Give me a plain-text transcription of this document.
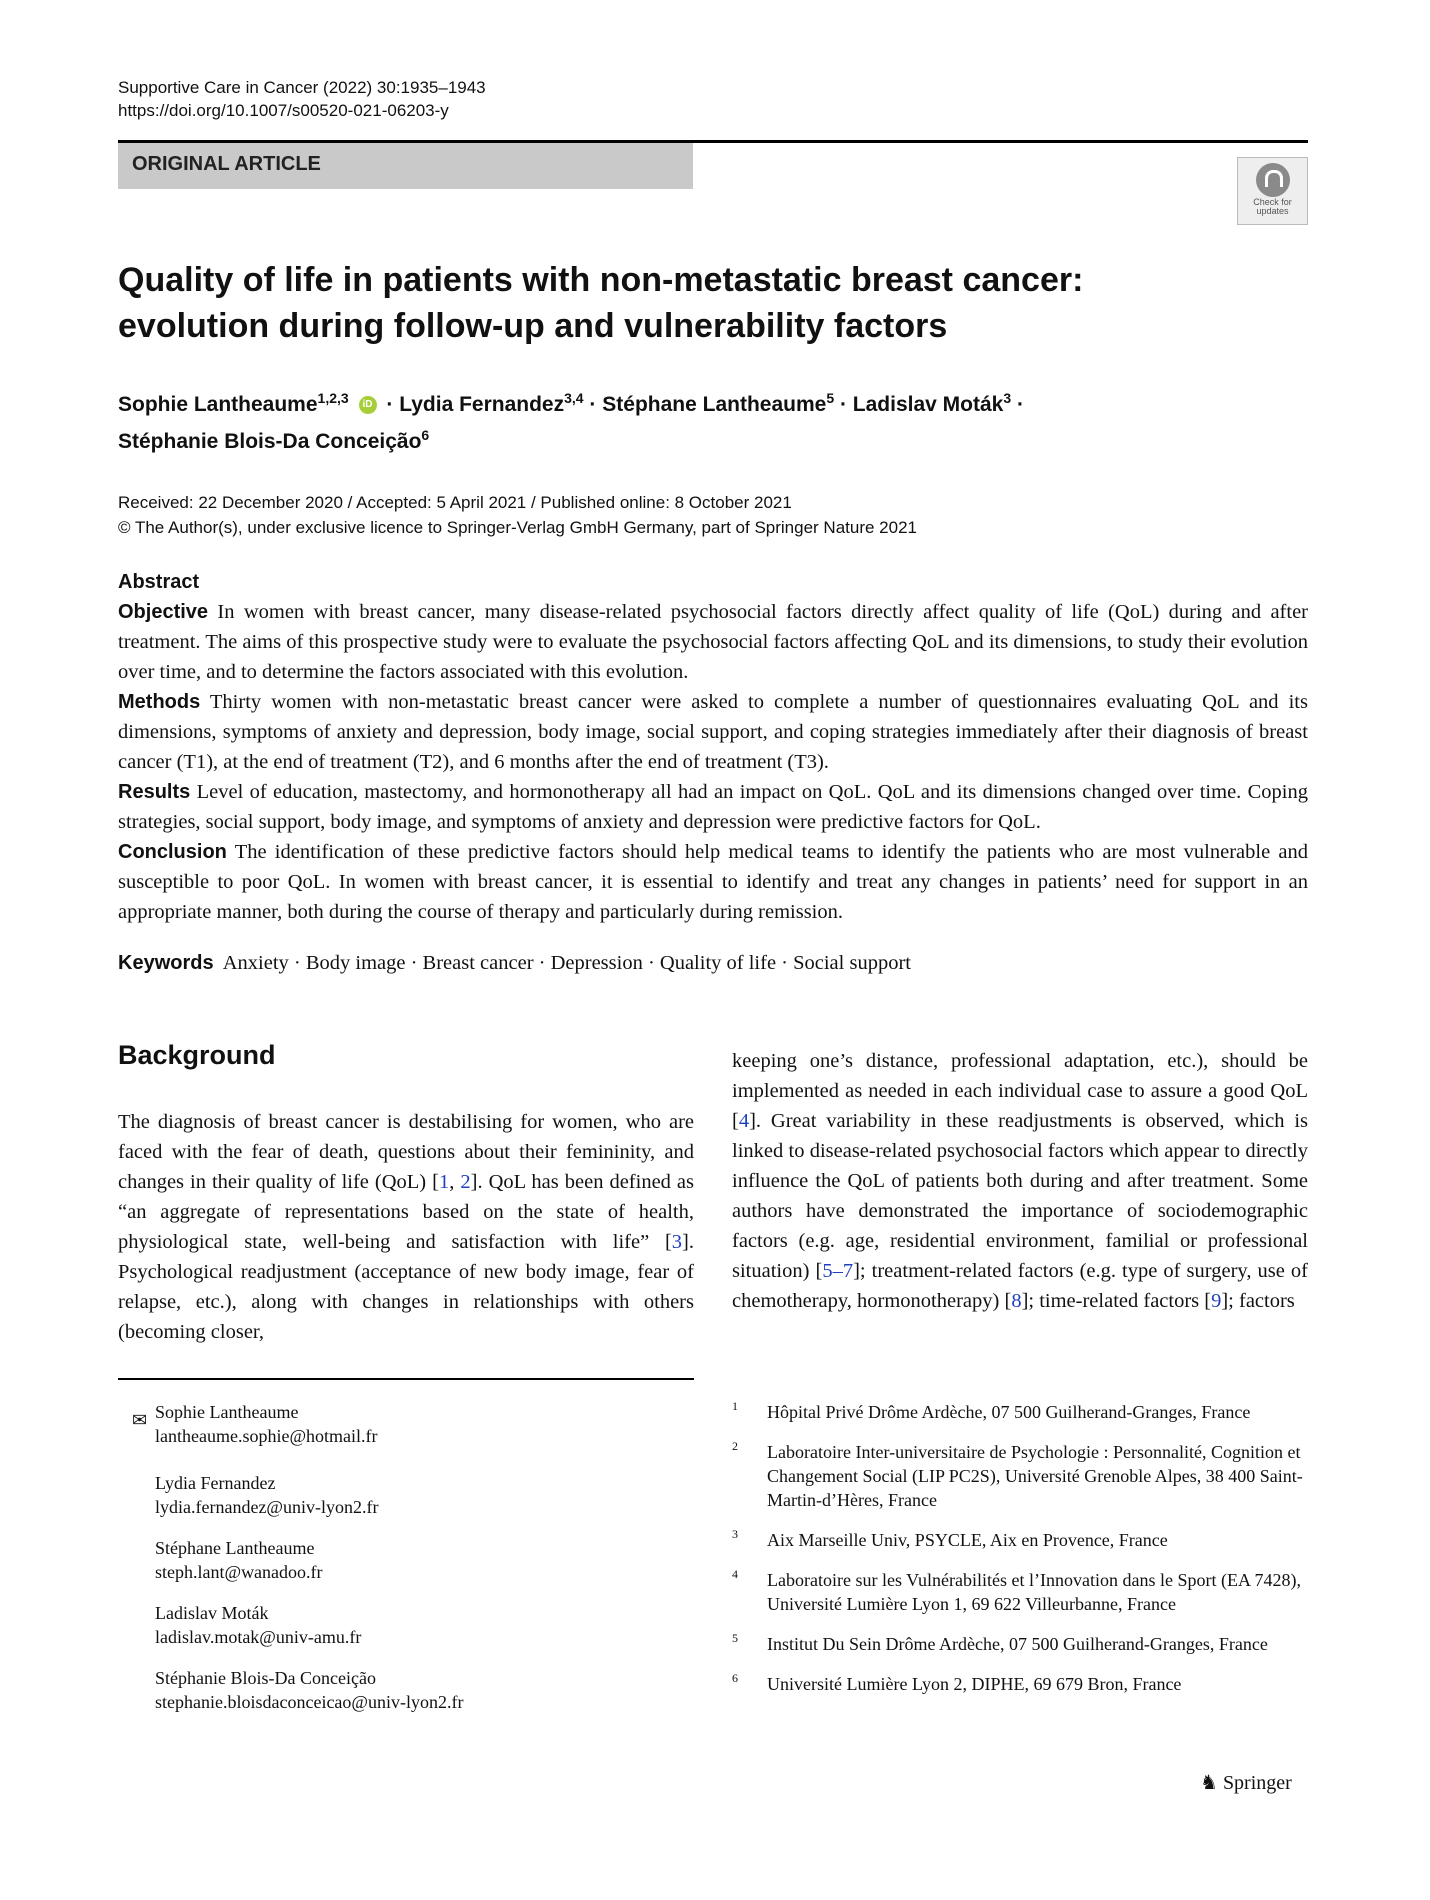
Supportive Care in Cancer (2022) 30:1935–1943
https://doi.org/10.1007/s00520-021-06203-y
ORIGINAL ARTICLE
Check for
updates
Quality of life in patients with non-metastatic breast cancer:
evolution during follow-up and vulnerability factors
Sophie Lantheaume$^{1,2,3}$ iD · Lydia Fernandez$^{3,4}$ · Stéphane Lantheaume$^5$ · Ladislav Moták$^3$ ·
Stéphanie Blois-Da Conceição$^6$
Received: 22 December 2020 / Accepted: 5 April 2021 / Published online: 8 October 2021
© The Author(s), under exclusive licence to Springer-Verlag GmbH Germany, part of Springer Nature 2021
Abstract

Objective In women with breast cancer, many disease-related psychosocial factors directly affect quality of life (QoL) during and after treatment. The aims of this prospective study were to evaluate the psychosocial factors affecting QoL and its dimensions, to study their evolution over time, and to determine the factors associated with this evolution.

Methods Thirty women with non-metastatic breast cancer were asked to complete a number of questionnaires evaluating QoL and its dimensions, symptoms of anxiety and depression, body image, social support, and coping strategies immediately after their diagnosis of breast cancer (T1), at the end of treatment (T2), and 6 months after the end of treatment (T3).

Results Level of education, mastectomy, and hormonotherapy all had an impact on QoL. QoL and its dimensions changed over time. Coping strategies, social support, body image, and symptoms of anxiety and depression were predictive factors for QoL.

Conclusion The identification of these predictive factors should help medical teams to identify the patients who are most vulnerable and susceptible to poor QoL. In women with breast cancer, it is essential to identify and treat any changes in patients’ need for support in an appropriate manner, both during the course of therapy and particularly during remission.

Keywords Anxiety · Body image · Breast cancer · Depression · Quality of life · Social support
Background
The diagnosis of breast cancer is destabilising for women, who are faced with the fear of death, questions about their femininity, and changes in their quality of life (QoL) [1, 2]. QoL has been defined as “an aggregate of representations based on the state of health, physiological state, well-being and satisfaction with life” [3]. Psychological readjustment (acceptance of new body image, fear of relapse, etc.), along with changes in relationships with others (becoming closer,
keeping one’s distance, professional adaptation, etc.), should be implemented as needed in each individual case to assure a good QoL [4]. Great variability in these readjustments is observed, which is linked to disease-related psychosocial factors which appear to directly influence the QoL of patients both during and after treatment. Some authors have demonstrated the importance of sociodemographic factors (e.g. age, residential environment, familial or professional situation) [5–7]; treatment-related factors (e.g. type of surgery, use of chemotherapy, hormonotherapy) [8]; time-related factors [9]; factors
✉ Sophie Lantheaume
lantheaume.sophie@hotmail.fr
Lydia Fernandez
lydia.fernandez@univ-lyon2.fr
Stéphane Lantheaume
steph.lant@wanadoo.fr
Ladislav Moták
ladislav.motak@univ-amu.fr
Stéphanie Blois-Da Conceição
stephanie.bloisdaconceicao@univ-lyon2.fr
1 Hôpital Privé Drôme Ardèche, 07 500 Guilherand-Granges, France
2 Laboratoire Inter-universitaire de Psychologie : Personnalité, Cognition et Changement Social (LIP PC2S), Université Grenoble Alpes, 38 400 Saint-Martin-d’Hères, France
3 Aix Marseille Univ, PSYCLE, Aix en Provence, France
4 Laboratoire sur les Vulnérabilités et l’Innovation dans le Sport (EA 7428), Université Lumière Lyon 1, 69 622 Villeurbanne, France
5 Institut Du Sein Drôme Ardèche, 07 500 Guilherand-Granges, France
6 Université Lumière Lyon 2, DIPHE, 69 679 Bron, France
♞ Springer
